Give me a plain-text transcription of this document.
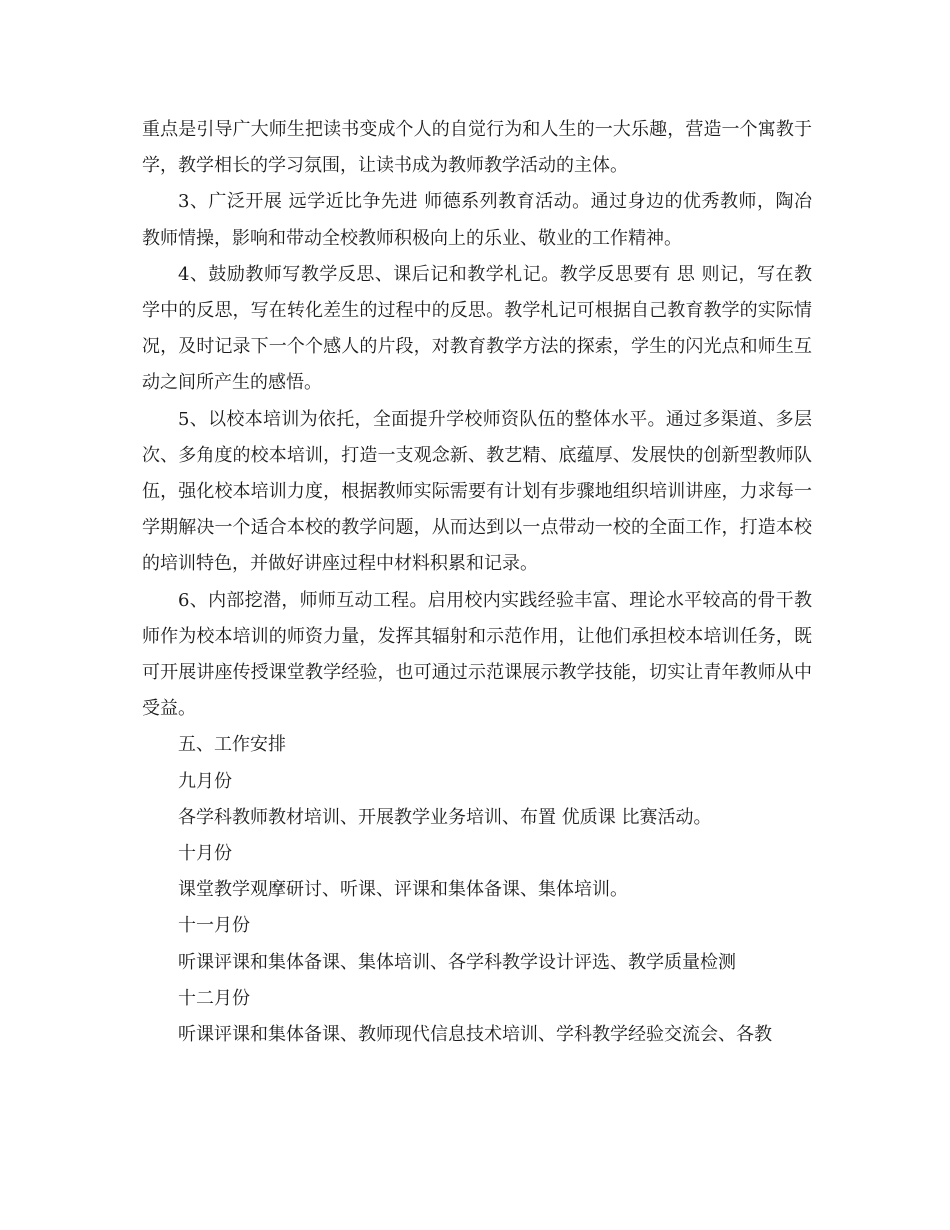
重点是引导广大师生把读书变成个人的自觉行为和人生的一大乐趣，营造一个寓教于学，教学相长的学习氛围，让读书成为教师教学活动的主体。

3、广泛开展 远学近比争先进 师德系列教育活动。通过身边的优秀教师，陶冶教师情操，影响和带动全校教师积极向上的乐业、敬业的工作精神。

4、鼓励教师写教学反思、课后记和教学札记。教学反思要有 思 则记，写在教学中的反思，写在转化差生的过程中的反思。教学札记可根据自己教育教学的实际情况，及时记录下一个个感人的片段，对教育教学方法的探索，学生的闪光点和师生互动之间所产生的感悟。

5、以校本培训为依托，全面提升学校师资队伍的整体水平。通过多渠道、多层次、多角度的校本培训，打造一支观念新、教艺精、底蕴厚、发展快的创新型教师队伍，强化校本培训力度，根据教师实际需要有计划有步骤地组织培训讲座，力求每一学期解决一个适合本校的教学问题，从而达到以一点带动一校的全面工作，打造本校的培训特色，并做好讲座过程中材料积累和记录。

6、内部挖潜，师师互动工程。启用校内实践经验丰富、理论水平较高的骨干教师作为校本培训的师资力量，发挥其辐射和示范作用，让他们承担校本培训任务，既可开展讲座传授课堂教学经验，也可通过示范课展示教学技能，切实让青年教师从中受益。

五、工作安排

九月份

各学科教师教材培训、开展教学业务培训、布置 优质课 比赛活动。

十月份

课堂教学观摩研讨、听课、评课和集体备课、集体培训。

十一月份

听课评课和集体备课、集体培训、各学科教学设计评选、教学质量检测

十二月份

听课评课和集体备课、教师现代信息技术培训、学科教学经验交流会、各教
